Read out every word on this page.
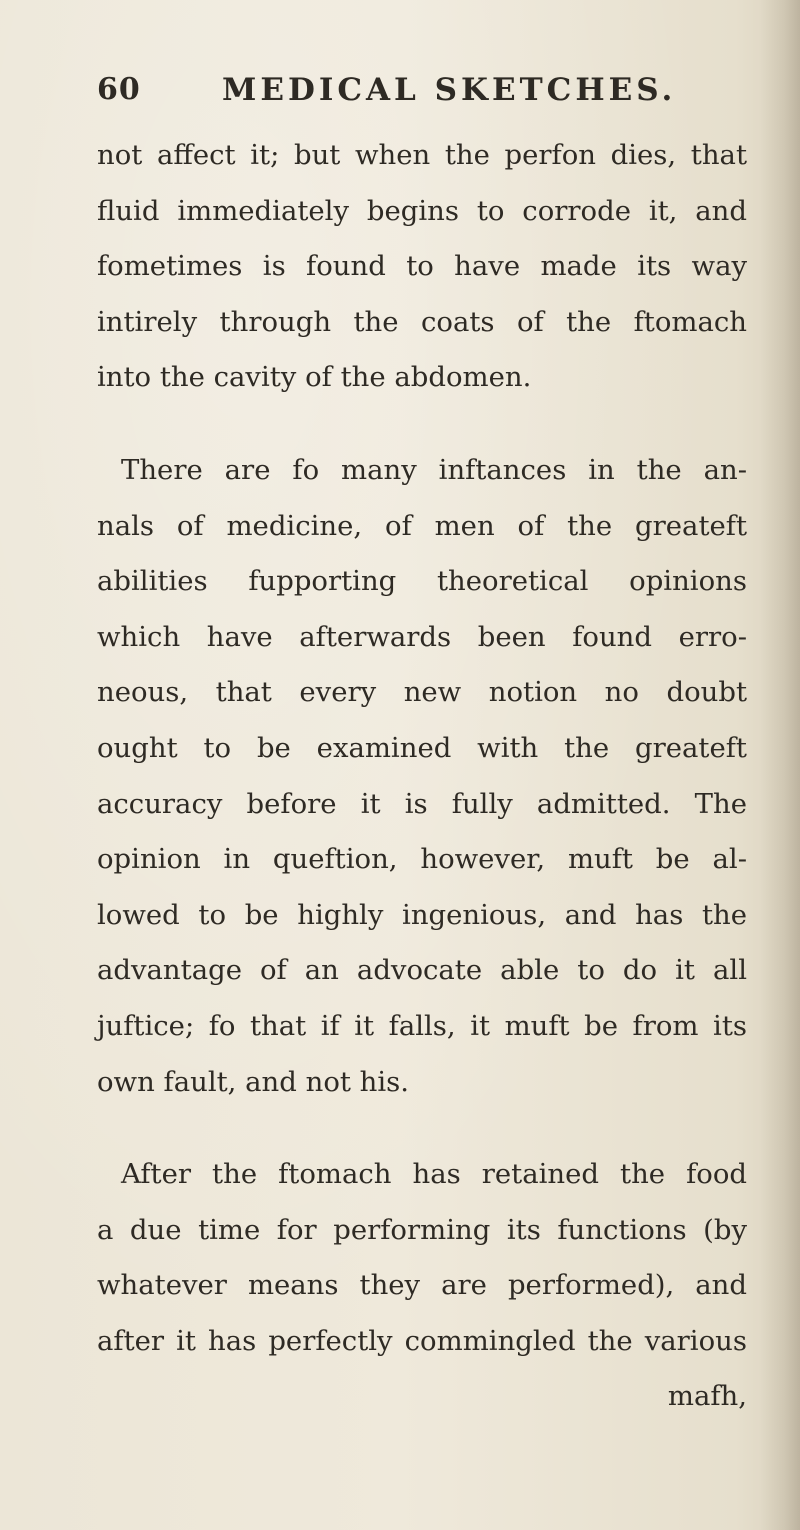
60	MEDICAL SKETCHES.
not affect it; but when the perfon dies, that
fluid immediately begins to corrode it, and
fometimes is found to have made its way
intirely through the coats of the ftomach
into the cavity of the abdomen.
There are fo many inftances in the an-
nals of medicine, of men of the greateft
abilities fupporting theoretical opinions
which have afterwards been found erro-
neous, that every new notion no doubt
ought to be examined with the greateft
accuracy before it is fully admitted. The
opinion in queftion, however, muft be al-
lowed to be highly ingenious, and has the
advantage of an advocate able to do it all
juftice; fo that if it falls, it muft be from its
own fault, and not his.
After the ftomach has retained the food
a due time for performing its functions (by
whatever means they are performed), and
after it has perfectly commingled the various
mafh,
